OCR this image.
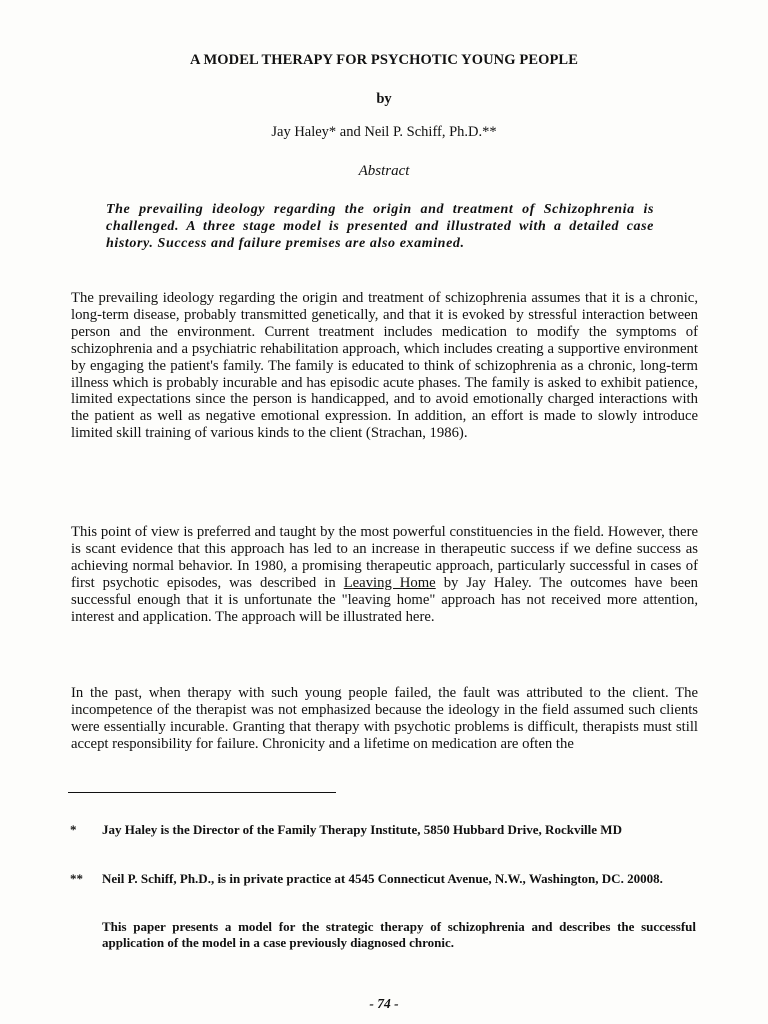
A MODEL THERAPY FOR PSYCHOTIC YOUNG PEOPLE
by
Jay Haley* and Neil P. Schiff, Ph.D.**
Abstract
The prevailing ideology regarding the origin and treatment of Schizophrenia is challenged. A three stage model is presented and illustrated with a detailed case history. Success and failure premises are also examined.

The prevailing ideology regarding the origin and treatment of schizophrenia assumes that it is a chronic, long-term disease, probably transmitted genetically, and that it is evoked by stressful interaction between person and the environment. Current treatment includes medication to modify the symptoms of schizophrenia and a psychiatric rehabilitation approach, which includes creating a supportive environment by engaging the patient's family. The family is educated to think of schizophrenia as a chronic, long-term illness which is probably incurable and has episodic acute phases. The family is asked to exhibit patience, limited expectations since the person is handicapped, and to avoid emotionally charged interactions with the patient as well as negative emotional expression. In addition, an effort is made to slowly introduce limited skill training of various kinds to the client (Strachan, 1986).

This point of view is preferred and taught by the most powerful constituencies in the field. However, there is scant evidence that this approach has led to an increase in therapeutic success if we define success as achieving normal behavior. In 1980, a promising therapeutic approach, particularly successful in cases of first psychotic episodes, was described in Leaving Home by Jay Haley. The outcomes have been successful enough that it is unfortunate the "leaving home" approach has not received more attention, interest and application. The approach will be illustrated here.

In the past, when therapy with such young people failed, the fault was attributed to the client. The incompetence of the therapist was not emphasized because the ideology in the field assumed such clients were essentially incurable. Granting that therapy with psychotic problems is difficult, therapists must still accept responsibility for failure. Chronicity and a lifetime on medication are often the

*	Jay Haley is the Director of the Family Therapy Institute, 5850 Hubbard Drive, Rockville MD
**	Neil P. Schiff, Ph.D., is in private practice at 4545 Connecticut Avenue, N.W., Washington, DC. 20008.
This paper presents a model for the strategic therapy of schizophrenia and describes the successful application of the model in a case previously diagnosed chronic.
- 74 -
